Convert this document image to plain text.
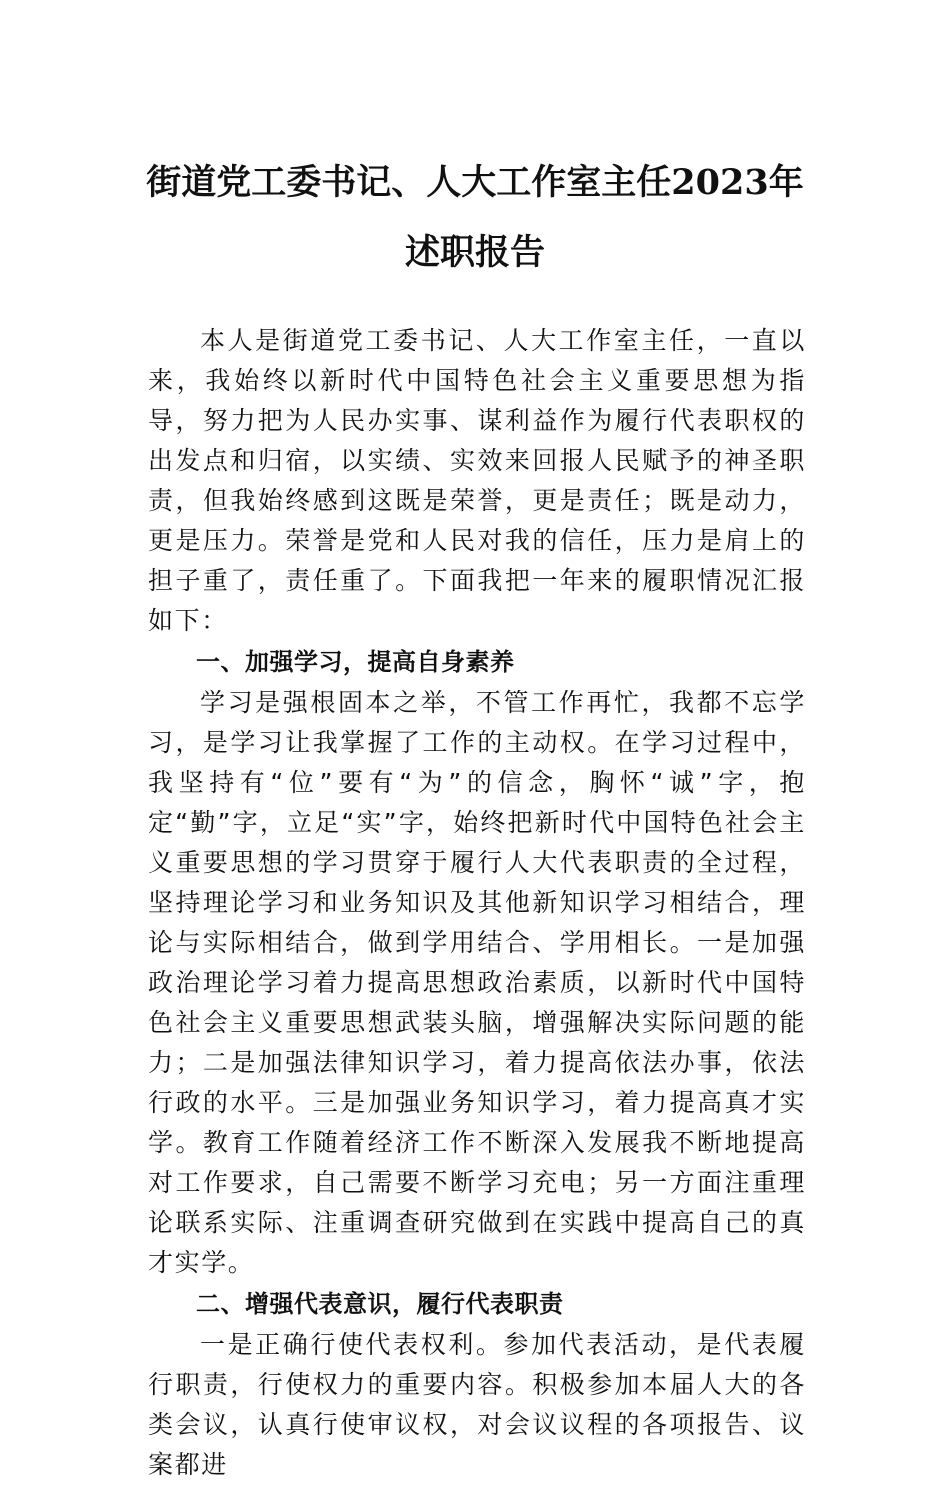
街道党工委书记、人大工作室主任2023年
述职报告

本人是街道党工委书记、人大工作室主任，一直以来，我始终以新时代中国特色社会主义重要思想为指导，努力把为人民办实事、谋利益作为履行代表职权的出发点和归宿，以实绩、实效来回报人民赋予的神圣职责，但我始终感到这既是荣誉，更是责任；既是动力，更是压力。荣誉是党和人民对我的信任，压力是肩上的担子重了，责任重了。下面我把一年来的履职情况汇报如下：

一、加强学习，提高自身素养

学习是强根固本之举，不管工作再忙，我都不忘学习，是学习让我掌握了工作的主动权。在学习过程中，我坚持有“位”要有“为”的信念，胸怀“诚”字，抱定“勤”字，立足“实”字，始终把新时代中国特色社会主义重要思想的学习贯穿于履行人大代表职责的全过程，坚持理论学习和业务知识及其他新知识学习相结合，理论与实际相结合，做到学用结合、学用相长。一是加强政治理论学习着力提高思想政治素质，以新时代中国特色社会主义重要思想武装头脑，增强解决实际问题的能力；二是加强法律知识学习，着力提高依法办事，依法行政的水平。三是加强业务知识学习，着力提高真才实学。教育工作随着经济工作不断深入发展我不断地提高对工作要求，自己需要不断学习充电；另一方面注重理论联系实际、注重调查研究做到在实践中提高自己的真才实学。

二、增强代表意识，履行代表职责

一是正确行使代表权利。参加代表活动，是代表履行职责，行使权力的重要内容。积极参加本届人大的各类会议，认真行使审议权，对会议议程的各项报告、议案都进
